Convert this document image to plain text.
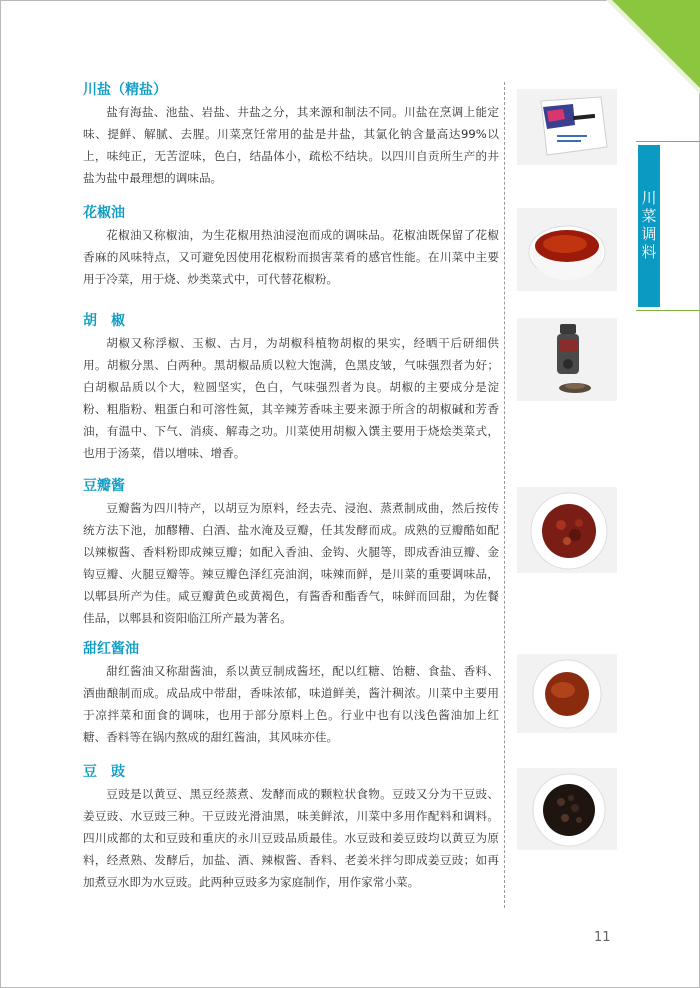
川菜调料
川盐（精盐）

盐有海盐、池盐、岩盐、井盐之分，其来源和制法不同。川盐在烹调上能定味、提鲜、解腻、去腥。川菜烹饪常用的盐是井盐，其氯化钠含量高达99%以上，味纯正，无苦涩味，色白，结晶体小，疏松不结块。以四川自贡所生产的井盐为盐中最理想的调味品。

花椒油

花椒油又称椒油，为生花椒用热油浸泡而成的调味品。花椒油既保留了花椒香麻的风味特点，又可避免因使用花椒粉而损害菜肴的感官性能。在川菜中主要用于冷菜，用于烧、炒类菜式中，可代替花椒粉。

胡　椒

胡椒又称浮椒、玉椒、古月，为胡椒科植物胡椒的果实，经晒干后研细供用。胡椒分黑、白两种。黑胡椒品质以粒大饱满，色黑皮皱，气味强烈者为好；白胡椒品质以个大，粒圆坚实，色白，气味强烈者为良。胡椒的主要成分是淀粉、粗脂粉、粗蛋白和可溶性氮，其辛辣芳香味主要来源于所含的胡椒碱和芳香油，有温中、下气、消痰、解毒之功。川菜使用胡椒入馔主要用于烧烩类菜式，也用于汤菜，借以增味、增香。

豆瓣酱

豆瓣酱为四川特产，以胡豆为原料，经去壳、浸泡、蒸煮制成曲，然后按传统方法下池，加醪糟、白酒、盐水淹及豆瓣，任其发酵而成。成熟的豆瓣酷如配以辣椒酱、香料粉即成辣豆瓣；如配入香油、金钩、火腿等，即成香油豆瓣、金钩豆瓣、火腿豆瓣等。辣豆瓣色泽红亮油润，味辣而鲜，是川菜的重要调味品，以郫县所产为佳。咸豆瓣黄色或黄褐色，有酱香和酯香气，味鲜而回甜，为佐餐佳品，以郫县和资阳临江所产最为著名。

甜红酱油

甜红酱油又称甜酱油，系以黄豆制成酱坯，配以红糖、饴糖、食盐、香料、酒曲酿制而成。成品成中带甜，香味浓郁，味道鲜美，酱汁稠浓。川菜中主要用于凉拌菜和面食的调味，也用于部分原料上色。行业中也有以浅色酱油加上红糖、香料等在锅内熬成的甜红酱油，其风味亦佳。

豆　豉

豆豉是以黄豆、黑豆经蒸煮、发酵而成的颗粒状食物。豆豉又分为干豆豉、姜豆豉、水豆豉三种。干豆豉光滑油黑，味美鲜浓，川菜中多用作配料和调料。四川成都的太和豆豉和重庆的永川豆豉品质最佳。水豆豉和姜豆豉均以黄豆为原料，经煮熟、发酵后，加盐、酒、辣椒酱、香料、老姜米拌匀即成姜豆豉；如再加煮豆水即为水豆豉。此两种豆豉多为家庭制作，用作家常小菜。

11
